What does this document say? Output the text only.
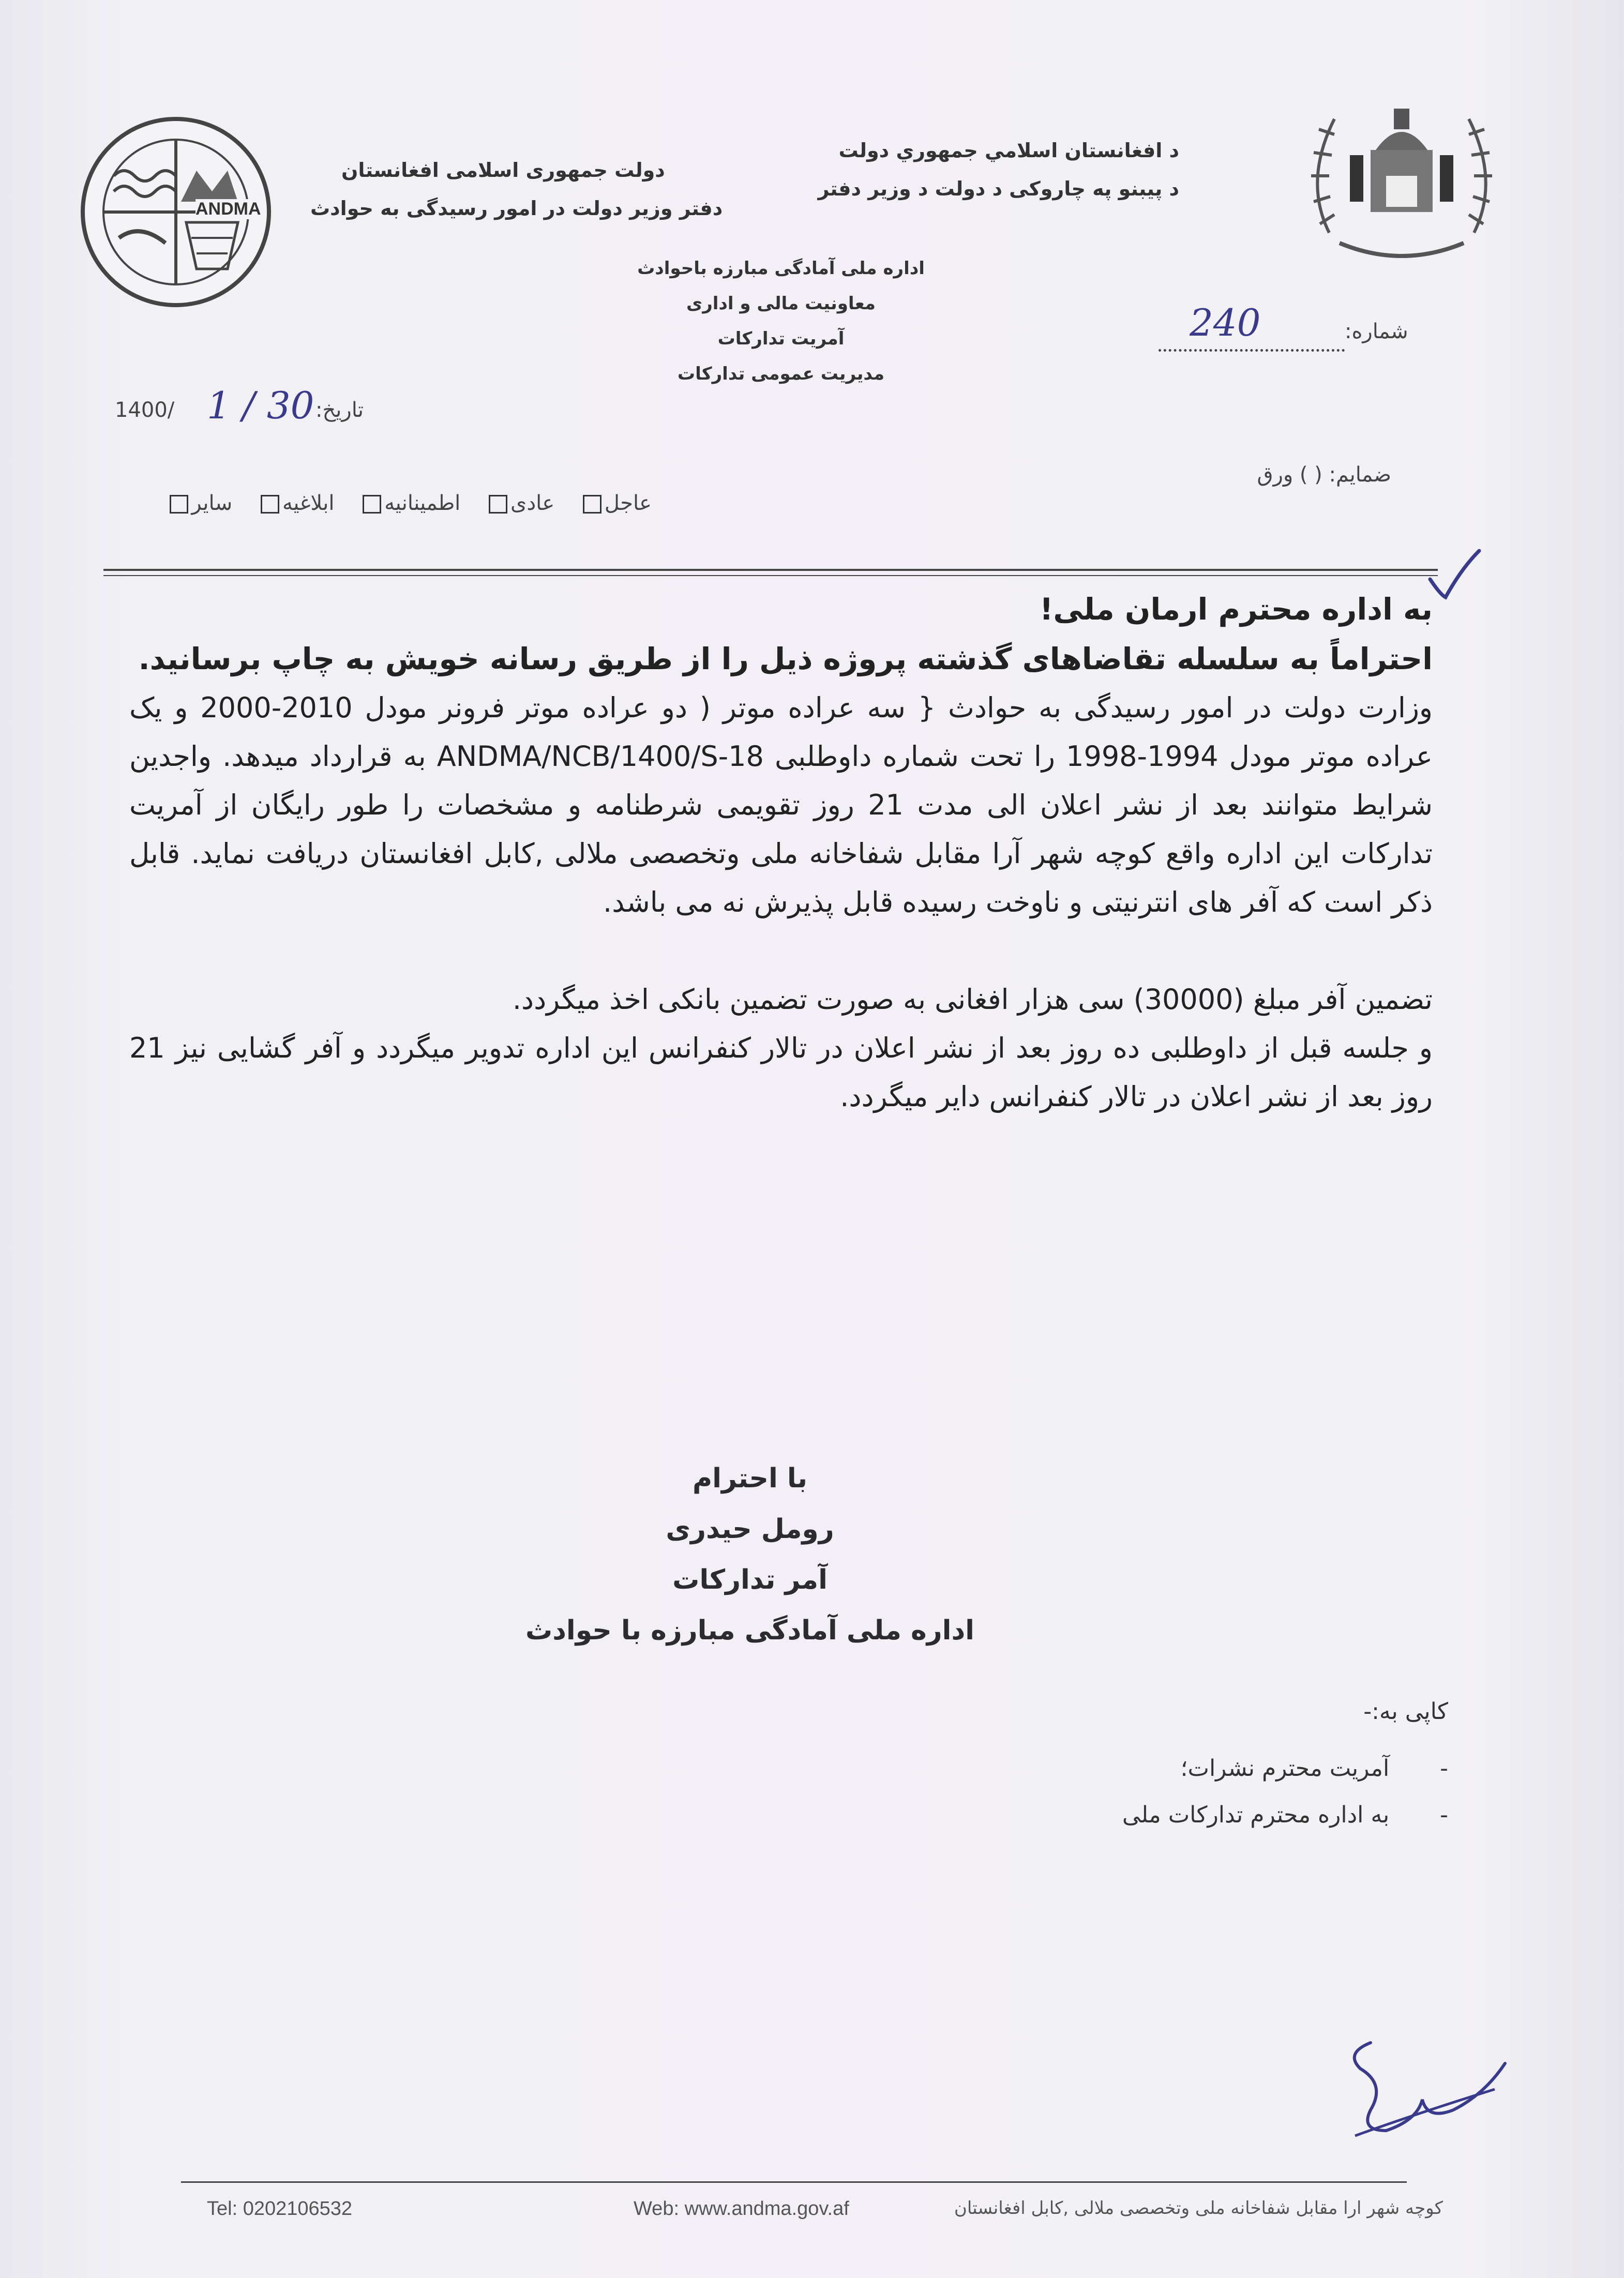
ANDMA
د افغانستان اسلامي جمهوري دولت
د پیبنو په چاروکی د دولت د وزیر دفتر
دولت جمهوری اسلامی افغانستان
دفتر وزیر دولت در امور رسیدگی به حوادث
اداره ملی آمادگی مبارزه باحوادث
معاونیت مالی و اداری
آمریت تدارکات
مدیریت عمومی تدارکات
شماره:
240
1400/ 1 / 30 تاریخ:
ضمایم: ( ) ورق
عاجل عادی اطمینانیه ابلاغیه سایر

به اداره محترم ارمان ملی!

احتراماً به سلسله تقاضاهای گذشته پروژه ذیل را از طریق رسانه خویش به چاپ برسانید.

وزارت دولت در امور رسیدگی به حوادث { سه عراده موتر ( دو عراده موتر فرونر مودل 2010-2000 و یک عراده موتر مودل 1994-1998 را تحت شماره داوطلبی ANDMA/NCB/1400/S-18 به قرارداد میدهد. واجدین شرایط متوانند بعد از نشر اعلان الی مدت 21 روز تقویمی شرطنامه و مشخصات را طور رایگان از آمریت تدارکات این اداره واقع کوچه شهر آرا مقابل شفاخانه ملی وتخصصی ملالی ,کابل افغانستان دریافت نماید. قابل ذکر است که آفر های انترنیتی و ناوخت رسیده قابل پذیرش نه می باشد.

تضمین آفر مبلغ (30000) سی هزار افغانی به صورت تضمین بانکی اخذ میگردد.

و جلسه قبل از داوطلبی ده روز بعد از نشر اعلان در تالار کنفرانس این اداره تدویر میگردد و آفر گشایی نیز 21 روز بعد از نشر اعلان در تالار کنفرانس دایر میگردد.

با احترام
رومل حیدری
آمر تدارکات
اداره ملی آمادگی مبارزه با حوادث
کاپی به:-
-       آمریت محترم نشرات؛
-       به اداره محترم تدارکات ملی
Tel: 0202106532	Web: www.andma.gov.af	کوچه شهر ارا مقابل شفاخانه ملی وتخصصی ملالی ,کابل افغانستان
